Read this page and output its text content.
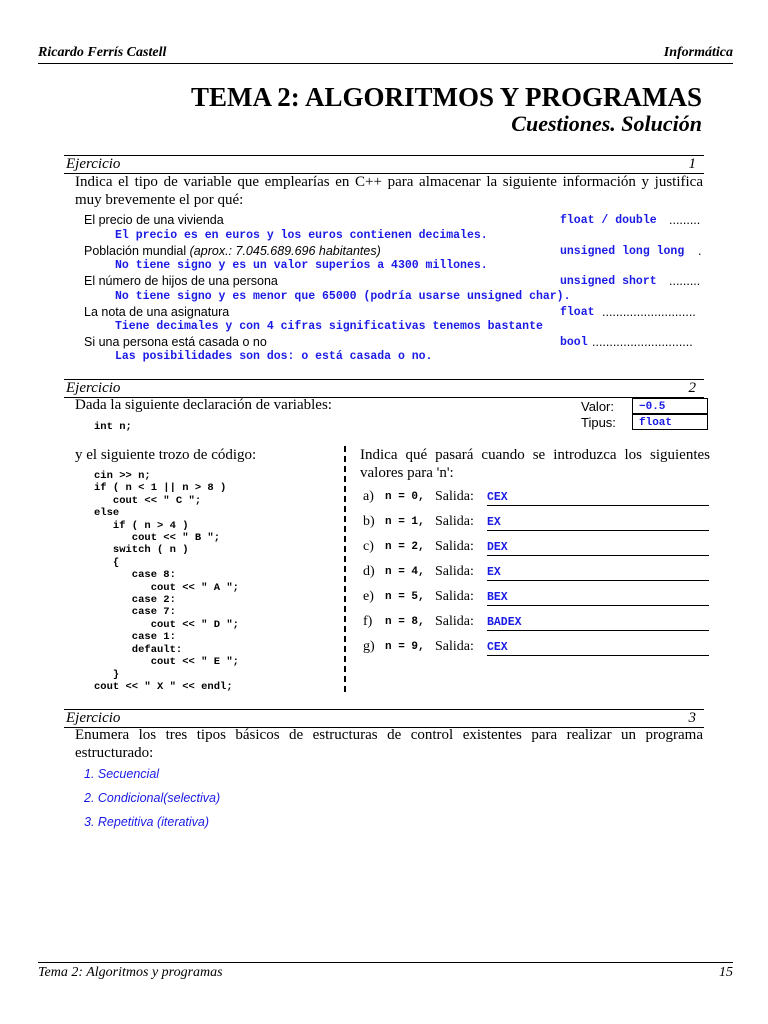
Ricardo Ferrís Castell	Informática
TEMA 2: ALGORITMOS Y PROGRAMAS
Cuestiones. Solución
Ejercicio	1
Indica el tipo de variable que emplearías en C++ para almacenar la siguiente información y justifica muy brevemente el por qué:
El precio de una vivienda	float / double .........
El precio es en euros y los euros contienen decimales.
Población mundial (aprox.: 7.045.689.696 habitantes)	unsigned long long .
No tiene signo y es un valor superios a 4300 millones.
El número de hijos de una persona	unsigned short .........
No tiene signo y es menor que 65000 (podría usarse unsigned char).
La nota de una asignatura	float ...........................
Tiene decimales y con 4 cifras significativas tenemos bastante
Si una persona está casada o no	bool .............................
Las posibilidades son dos: o está casada o no.
Ejercicio	2
Dada la siguiente declaración de variables:
int n;
Valor:	−0.5
Tipus:	float
y el siguiente trozo de código:
cin >> n;
if ( n < 1 || n > 8 )
cout << " C ";
else
if ( n > 4 )
cout << " B ";
switch ( n )
{
case 8:
cout << " A ";
case 2:
case 7:
cout << " D ";
case 1:
default:
cout << " E ";
}
cout << " X " << endl;
Indica qué pasará cuando se introduzca los siguientes valores para 'n':
a) n = 0, Salida: CEX
b) n = 1, Salida: EX
c) n = 2, Salida: DEX
d) n = 4, Salida: EX
e) n = 5, Salida: BEX
f) n = 8, Salida: BADEX
g) n = 9, Salida: CEX
Ejercicio	3
Enumera los tres tipos básicos de estructuras de control existentes para realizar un programa estructurado:
1. Secuencial
2. Condicional(selectiva)
3. Repetitiva (iterativa)
Tema 2: Algoritmos y programas	15
